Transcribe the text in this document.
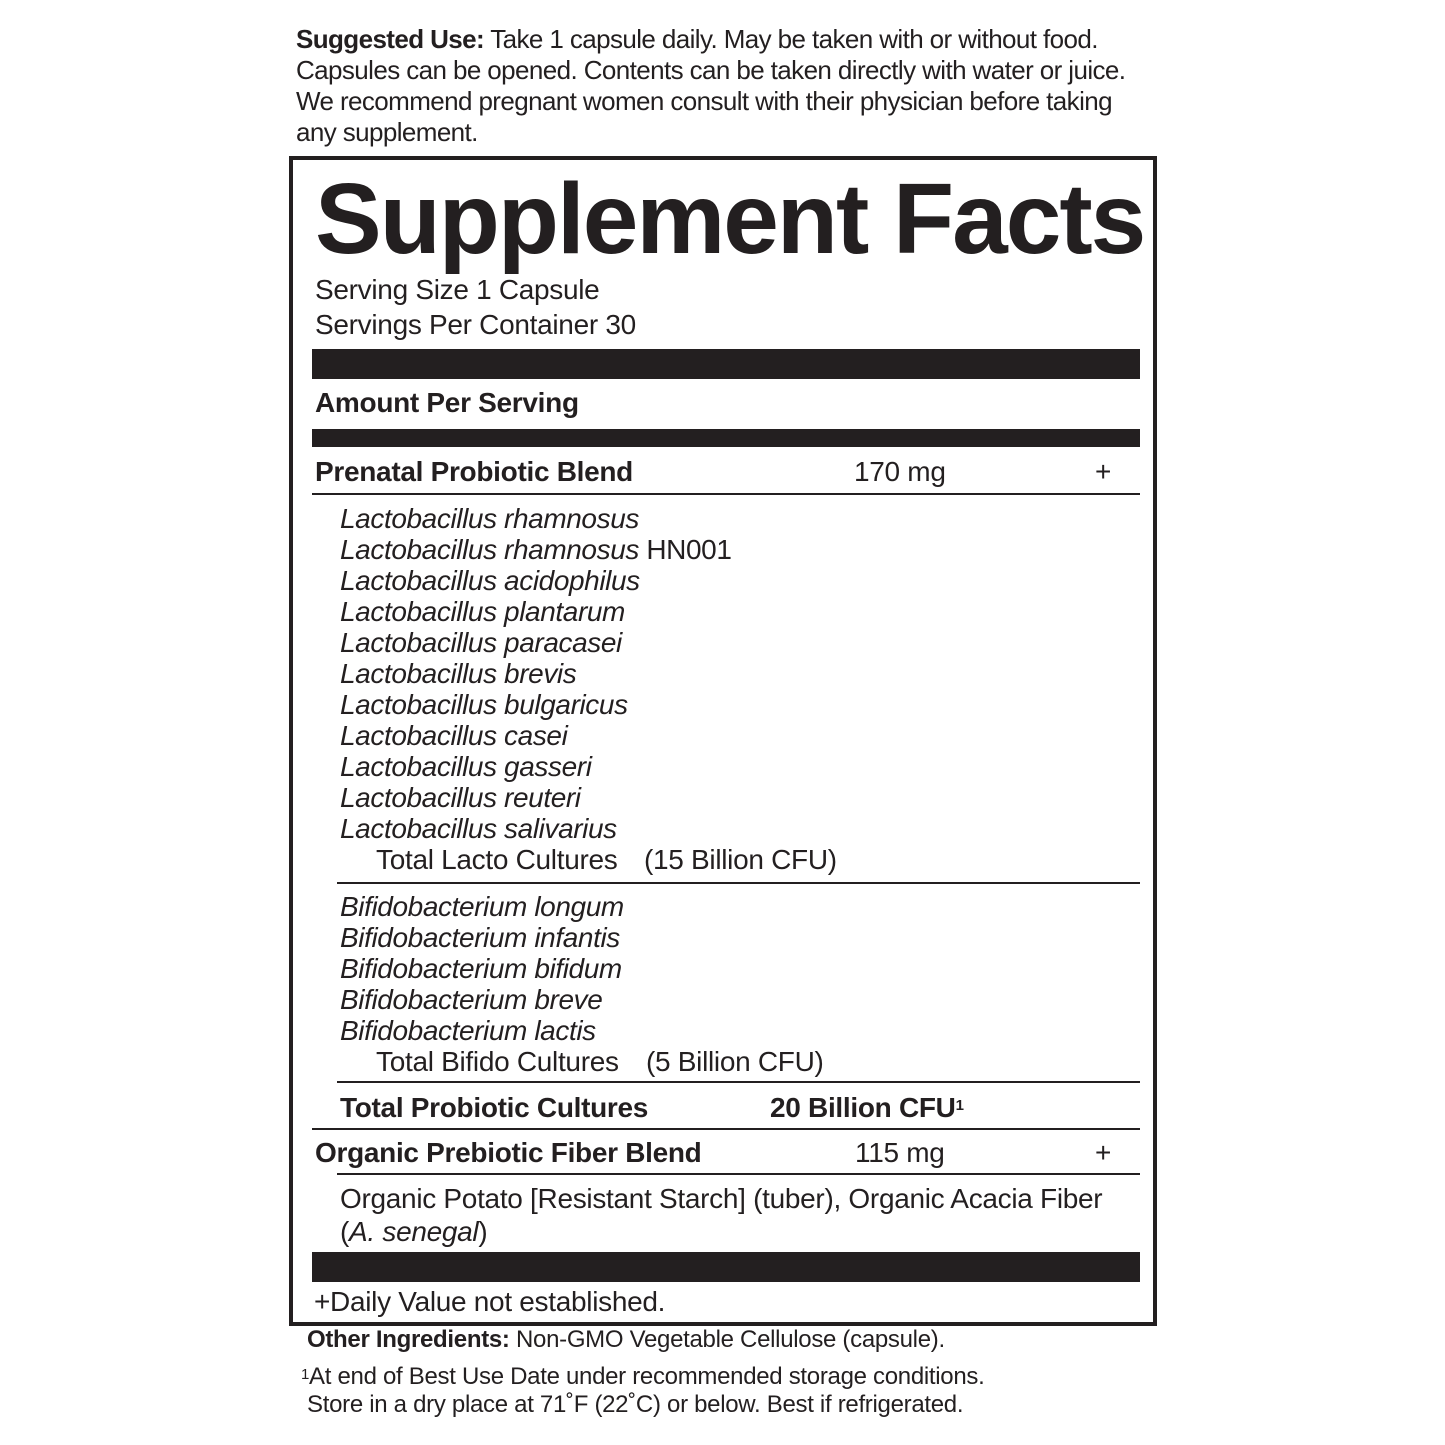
Suggested Use: Take 1 capsule daily. May be taken with or without food. Capsules can be opened. Contents can be taken directly with water or juice. We recommend pregnant women consult with their physician before taking any supplement.
Supplement Facts
Serving Size 1 Capsule
Servings Per Container 30
Amount Per Serving
Prenatal Probiotic Blend	170 mg	+
Lactobacillus rhamnosus
Lactobacillus rhamnosus HN001
Lactobacillus acidophilus
Lactobacillus plantarum
Lactobacillus paracasei
Lactobacillus brevis
Lactobacillus bulgaricus
Lactobacillus casei
Lactobacillus gasseri
Lactobacillus reuteri
Lactobacillus salivarius
Total Lacto Cultures (15 Billion CFU)
Bifidobacterium longum
Bifidobacterium infantis
Bifidobacterium bifidum
Bifidobacterium breve
Bifidobacterium lactis
Total Bifido Cultures (5 Billion CFU)
Total Probiotic Cultures	20 Billion CFU$^1$
Organic Prebiotic Fiber Blend	115 mg	+
Organic Potato [Resistant Starch] (tuber), Organic Acacia Fiber
(A. senegal)
+Daily Value not established.
Other Ingredients: Non-GMO Vegetable Cellulose (capsule).
$^1$At end of Best Use Date under recommended storage conditions.
Store in a dry place at 71˚F (22˚C) or below. Best if refrigerated.
